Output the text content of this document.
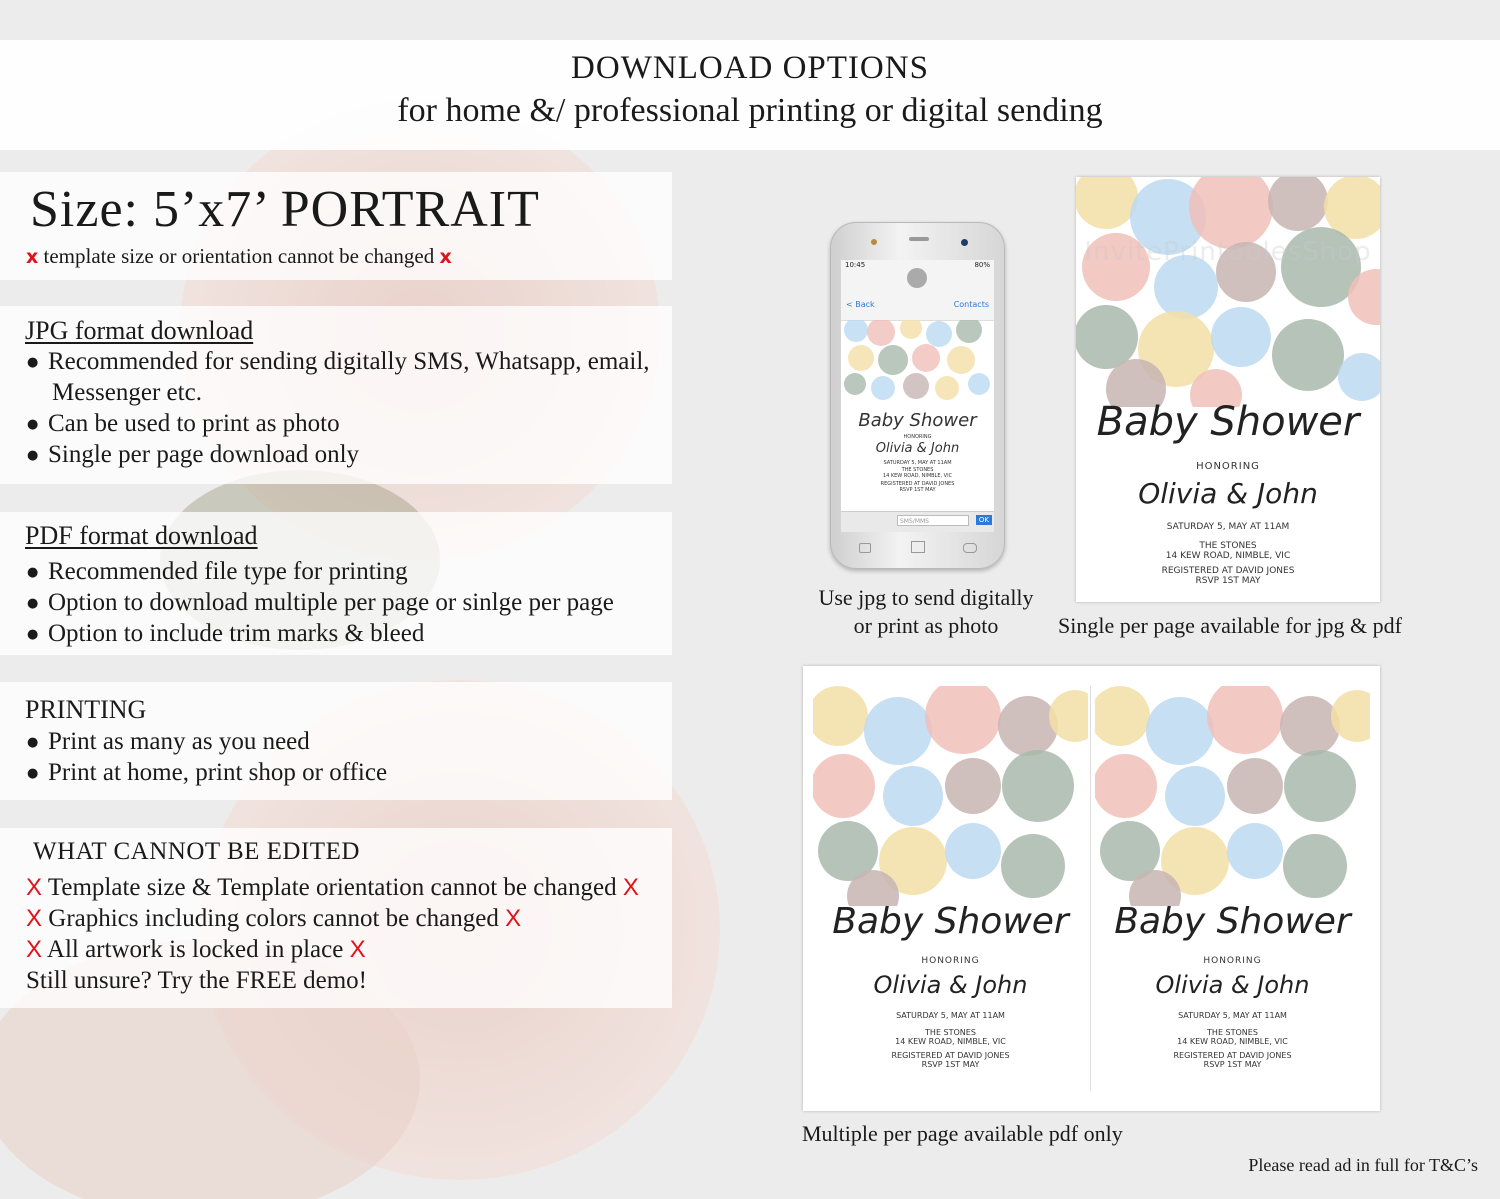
DOWNLOAD OPTIONS
for home &/ professional printing or digital sending
Size: 5’x7’ PORTRAIT
x template size or orientation cannot be changed x
JPG format download
● Recommended for sending digitally SMS, Whatsapp, email,
Messenger etc.
● Can be used to print as photo
● Single per page download only
PDF format download
● Recommended file type for printing
● Option to download multiple per page or sinlge per page
● Option to include trim marks & bleed
PRINTING
● Print as many as you need
● Print at home, print shop or office
WHAT CANNOT BE EDITED
X Template size & Template orientation cannot be changed X
X Graphics including colors cannot be changed X
X All artwork is locked in place X
Still unsure? Try the FREE demo!
10:45	80%
< Back	Contacts
Baby Shower
HONORING
Olivia & John
SATURDAY 5, MAY AT 11AM
THE STONES
14 KEW ROAD, NIMBLE, VIC
REGISTERED AT DAVID JONES
RSVP 1ST MAY
SMS/MMS	OK
Use jpg to send digitally
or print as photo
InvitePrintablesShop
Baby Shower
HONORING
Olivia & John
SATURDAY 5, MAY AT 11AM
THE STONES
14 KEW ROAD, NIMBLE, VIC
REGISTERED AT DAVID JONES
RSVP 1ST MAY
Single per page available for jpg & pdf
Baby Shower
HONORING
Olivia & John
SATURDAY 5, MAY AT 11AM
THE STONES
14 KEW ROAD, NIMBLE, VIC
REGISTERED AT DAVID JONES
RSVP 1ST MAY
Baby Shower
HONORING
Olivia & John
SATURDAY 5, MAY AT 11AM
THE STONES
14 KEW ROAD, NIMBLE, VIC
REGISTERED AT DAVID JONES
RSVP 1ST MAY
Multiple per page available pdf only
Please read ad in full for T&C’s
